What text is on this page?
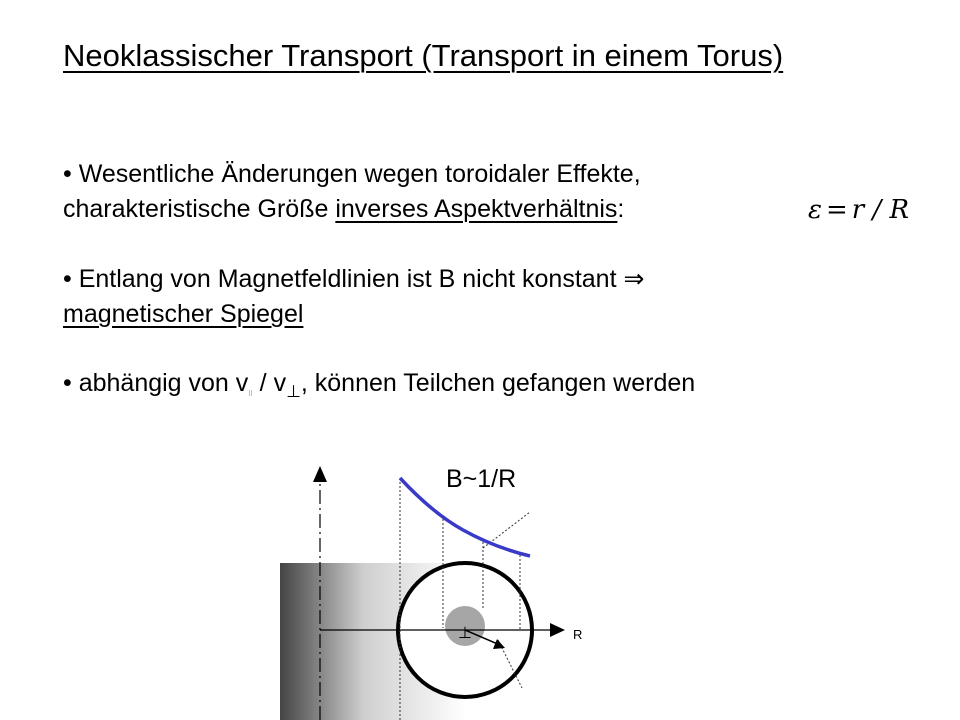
Neoklassischer Transport (Transport in einem Torus)
• Wesentliche Änderungen wegen toroidaler Effekte,
charakteristische Größe inverses Aspektverhältnis:	ε = r / R
• Entlang von Magnetfeldlinien ist B nicht konstant ⇒
magnetischer Spiegel
• abhängig von $v_{II} / v_\perp$, können Teilchen gefangen werden
R
⊥
B~1/R
